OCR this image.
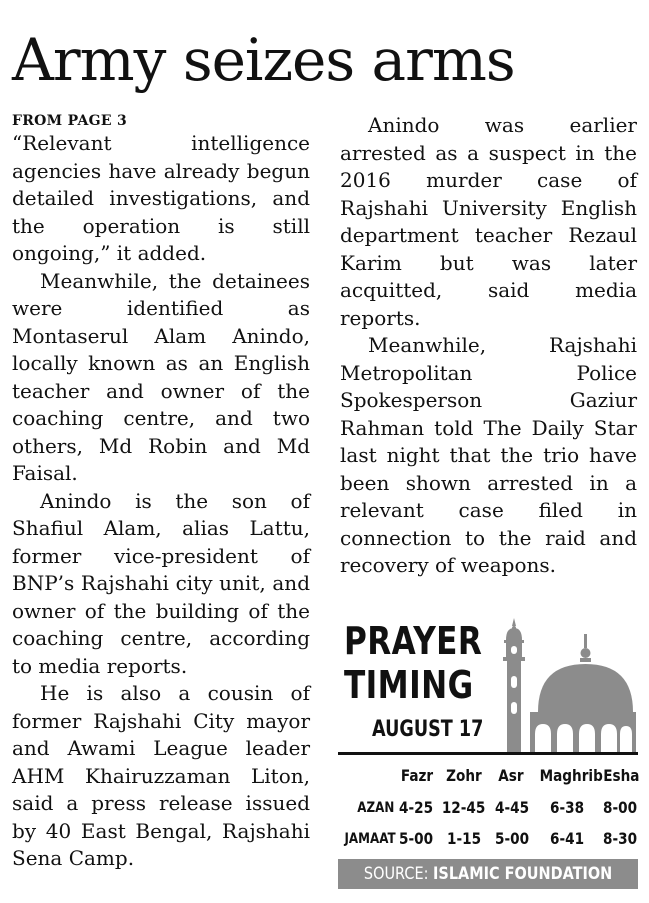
Army seizes arms
FROM PAGE 3

“Relevant intelligence agencies have already begun detailed investigations, and the operation is still ongoing,” it added.

Meanwhile, the detainees were identified as Montaserul Alam Anindo, locally known as an English teacher and owner of the coaching centre, and two others, Md Robin and Md Faisal.

Anindo is the son of Shafiul Alam, alias Lattu, former vice-president of BNP’s Rajshahi city unit, and owner of the building of the coaching centre, according to media reports.

He is also a cousin of former Rajshahi City mayor and Awami League leader AHM Khairuzzaman Liton, said a press release issued by 40 East Bengal, Rajshahi Sena Camp.

Anindo was earlier arrested as a suspect in the 2016 murder case of Rajshahi University English department teacher Rezaul Karim but was later acquitted, said media reports.

Meanwhile, Rajshahi Metropolitan Police Spokesperson Gaziur Rahman told The Daily Star last night that the trio have been shown arrested in a relevant case filed in connection to the raid and recovery of weapons.

PRAYER
TIMING
AUGUST 17
Fazr Zohr Asr Maghrib Esha
AZAN 4-25 12-45 4-45 6-38 8-00
JAMAAT 5-00 1-15 5-00 6-41 8-30
SOURCE: ISLAMIC FOUNDATION
